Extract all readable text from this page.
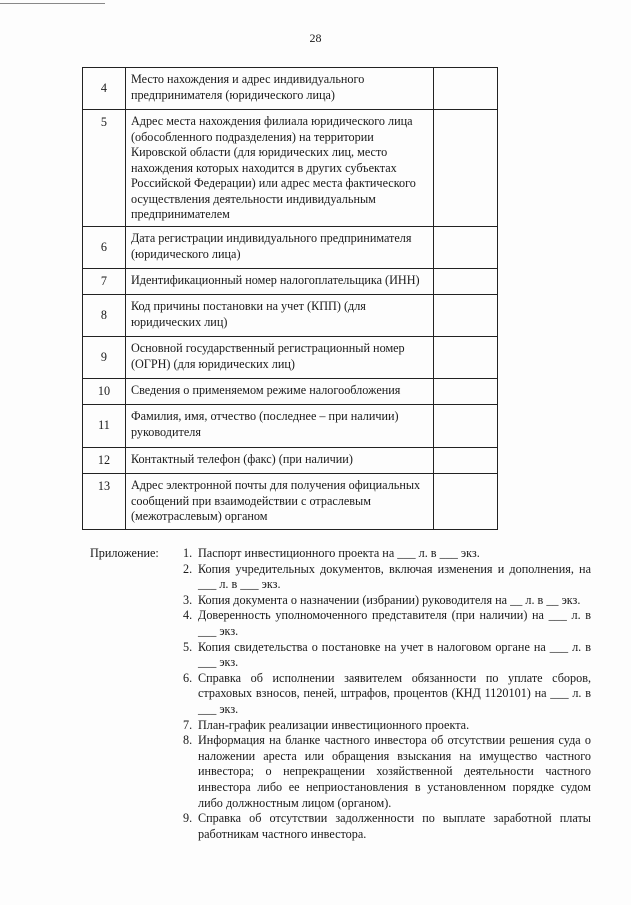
28
4	Место нахождения и адрес индивидуального предпринимателя (юридического лица)	
5	Адрес места нахождения филиала юридического лица (обособленного подразделения) на территории Кировской области (для юридических лиц, место нахождения которых находится в других субъектах Российской Федерации) или адрес места фактического осуществления деятельности индивидуальным предпринимателем	
6	Дата регистрации индивидуального предпринимателя (юридического лица)	
7	Идентификационный номер налогоплательщика (ИНН)	
8	Код причины постановки на учет (КПП) (для юридических лиц)	
9	Основной государственный регистрационный номер (ОГРН) (для юридических лиц)	
10	Сведения о применяемом режиме налогообложения	
11	Фамилия, имя, отчество (последнее – при наличии) руководителя	
12	Контактный телефон (факс) (при наличии)	
13	Адрес электронной почты для получения официальных сообщений при взаимодействии с отраслевым (межотраслевым) органом	
Приложение: 1. Паспорт инвестиционного проекта на ___ л. в ___ экз.
2. Копия учредительных документов, включая изменения и дополнения, на ___ л. в ___ экз.
3. Копия документа о назначении (избрании) руководителя на __ л. в __ экз.
4. Доверенность уполномоченного представителя (при наличии) на ___ л. в ___ экз.
5. Копия свидетельства о постановке на учет в налоговом органе на ___ л. в ___ экз.
6. Справка об исполнении заявителем обязанности по уплате сборов, страховых взносов, пеней, штрафов, процентов (КНД 1120101) на ___ л. в ___ экз.
7. План-график реализации инвестиционного проекта.
8. Информация на бланке частного инвестора об отсутствии решения суда о наложении ареста или обращения взыскания на имущество частного инвестора; о непрекращении хозяйственной деятельности частного инвестора либо ее неприостановления в установленном порядке судом либо должностным лицом (органом).
9. Справка об отсутствии задолженности по выплате заработной платы работникам частного инвестора.
